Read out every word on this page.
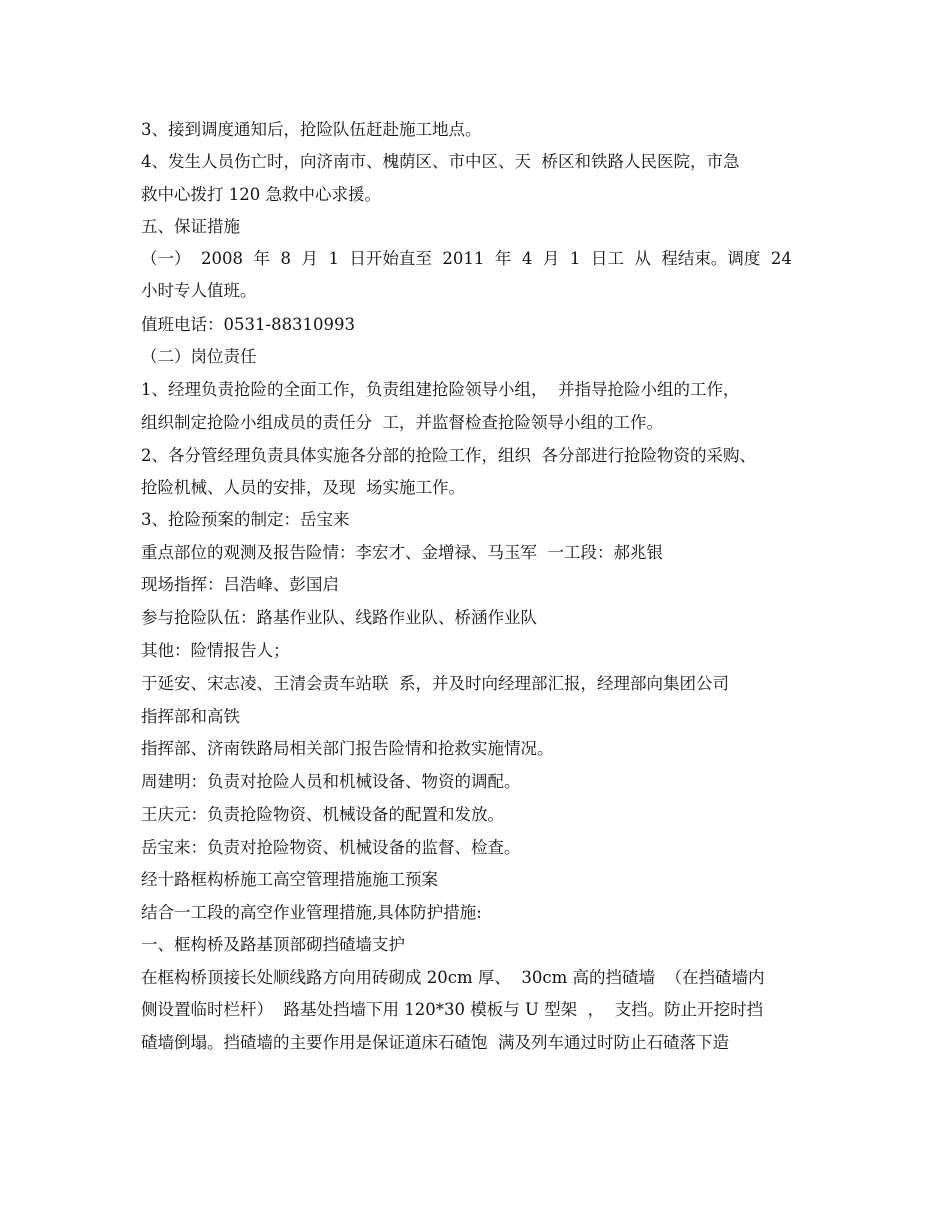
3、接到调度通知后，抢险队伍赶赴施工地点。
4、发生人员伤亡时，向济南市、槐荫区、市中区、天  桥区和铁路人民医院，市急
救中心拨打 120 急救中心求援。
五、保证措施
（一）  2008  年  8  月  1  日开始直至  2011  年  4  月  1  日工  从  程结束。调度  24
小时专人值班。
值班电话：0531-88310993
（二）岗位责任
1、经理负责抢险的全面工作，负责组建抢险领导小组，  并指导抢险小组的工作，
组织制定抢险小组成员的责任分  工，并监督检查抢险领导小组的工作。
2、各分管经理负责具体实施各分部的抢险工作，组织  各分部进行抢险物资的采购、
抢险机械、人员的安排，及现  场实施工作。
3、抢险预案的制定：岳宝来
重点部位的观测及报告险情：李宏才、金增禄、马玉军  一工段：郝兆银
现场指挥：吕浩峰、彭国启
参与抢险队伍：路基作业队、线路作业队、桥涵作业队
其他：险情报告人；
于延安、宋志凌、王清会责车站联  系，并及时向经理部汇报，经理部向集团公司
指挥部和高铁
指挥部、济南铁路局相关部门报告险情和抢救实施情况。
周建明：负责对抢险人员和机械设备、物资的调配。
王庆元：负责抢险物资、机械设备的配置和发放。
岳宝来：负责对抢险物资、机械设备的监督、检查。
经十路框构桥施工高空管理措施施工预案
结合一工段的高空作业管理措施,具体防护措施:
一、框构桥及路基顶部砌挡碴墙支护
在框构桥顶接长处顺线路方向用砖砌成 20cm 厚、  30cm 高的挡碴墙  （在挡碴墙内
侧设置临时栏杆）  路基处挡墙下用 120*30 模板与 U 型架  ，  支挡。防止开挖时挡
碴墙倒塌。挡碴墙的主要作用是保证道床石碴饱  满及列车通过时防止石碴落下造
